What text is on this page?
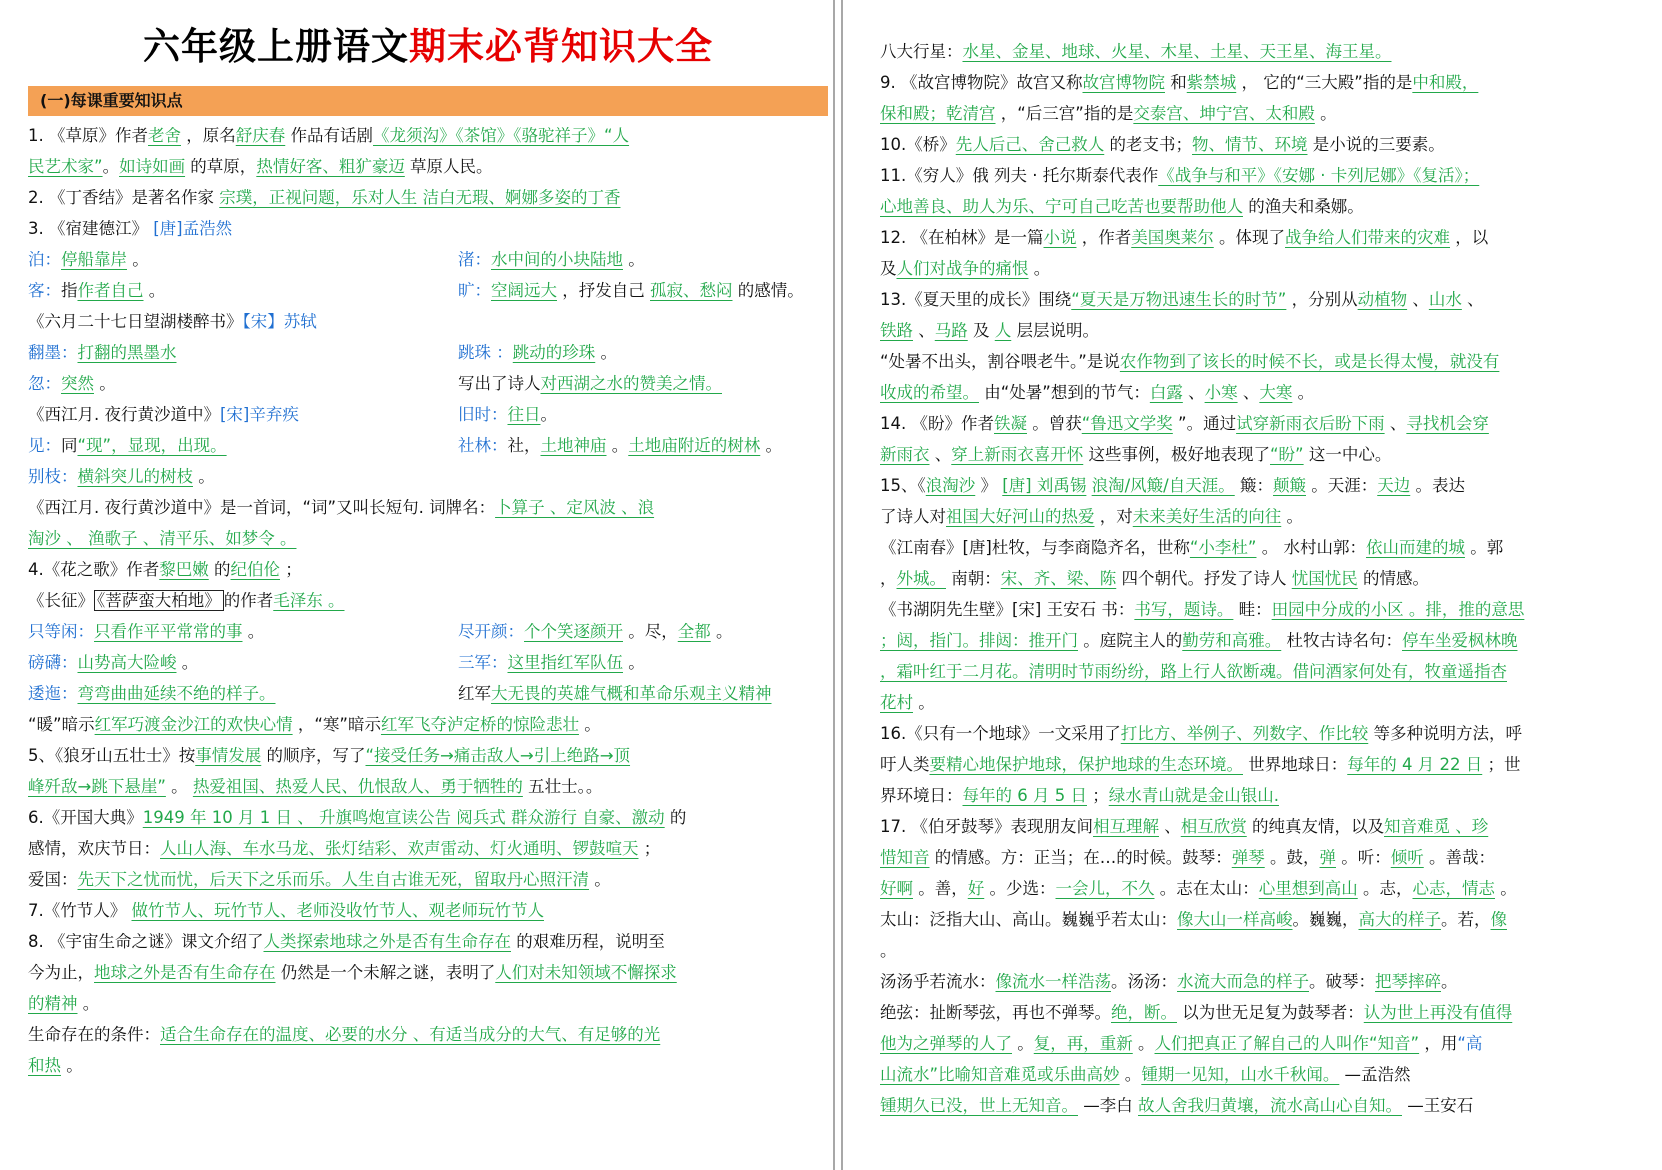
六年级上册语文期末必背知识大全
(一)每课重要知识点
1. 《草原》作者老舍 ，原名舒庆春 作品有话剧《龙须沟》《茶馆》《骆驼祥子》“人
民艺术家”。如诗如画 的草原，热情好客、粗犷豪迈 草原人民。
2. 《丁香结》是著名作家 宗璞，正视问题，乐对人生 洁白无瑕、婀娜多姿的丁香
3. 《宿建德江》 [唐]孟浩然
泊：停船靠岸 。	渚：水中间的小块陆地 。
客：指作者自己 。	旷：空阔远大 ，抒发自己 孤寂、愁闷 的感情。
《六月二十七日望湖楼醉书》【宋】苏轼
翻墨：打翻的黑墨水	跳珠 ：跳动的珍珠 。
忽：突然 。	写出了诗人对西湖之水的赞美之情。
《西江月. 夜行黄沙道中》[宋]辛弃疾	旧时：往日。
见：同“现”，显现，出现。	社林：社，土地神庙 。土地庙附近的树林 。
别枝：横斜突儿的树枝 。
《西江月. 夜行黄沙道中》是一首词，“词”又叫长短句. 词牌名：卜算子 、定风波 、浪
淘沙 、 渔歌子 、清平乐、如梦令 。
4.《花之歌》作者黎巴嫩 的纪伯伦 ；
《长征》 《菩萨蛮大柏地》 的作者毛泽东 。
只等闲：只看作平平常常的事 。	尽开颜：个个笑逐颜开 。尽，全都 。
磅礴：山势高大险峻 。	三军：这里指红军队伍 。
逶迤：弯弯曲曲延续不绝的样子。	红军大无畏的英雄气概和革命乐观主义精神
“暖”暗示红军巧渡金沙江的欢快心情 ，“寒”暗示红军飞夺泸定桥的惊险悲壮 。
5、《狼牙山五壮士》按事情发展 的顺序，写了“接受任务→痛击敌人→引上绝路→顶
峰歼敌→跳下悬崖” 。 热爱祖国、热爱人民、仇恨敌人、勇于牺牲的 五壮士。。
6.《开国大典》1949 年 10 月 1 日 、 升旗鸣炮宣读公告 阅兵式 群众游行 自豪、激动 的
感情，欢庆节日：人山人海、车水马龙、张灯结彩、欢声雷动、灯火通明、锣鼓喧天 ；
爱国：先天下之忧而忧，后天下之乐而乐。人生自古谁无死，留取丹心照汗清 。
7.《竹节人》 做竹节人、玩竹节人、老师没收竹节人、观老师玩竹节人
8. 《宇宙生命之谜》课文介绍了人类探索地球之外是否有生命存在 的艰难历程，说明至
今为止，地球之外是否有生命存在 仍然是一个未解之谜，表明了人们对未知领域不懈探求
的精神 。
生命存在的条件：适合生命存在的温度、必要的水分 、有适当成分的大气、有足够的光
和热 。
八大行星：水星、金星、地球、火星、木星、土星、天王星、海王星。
9. 《故宫博物院》故宫又称故宫博物院 和紫禁城 ， 它的“三大殿”指的是中和殿，
保和殿；乾清宫 ，“后三宫”指的是交泰宫、坤宁宫、太和殿 。
10.《桥》先人后己、舍己救人 的老支书；物、情节、环境 是小说的三要素。
11.《穷人》俄 列夫 · 托尔斯泰代表作《战争与和平》《安娜 · 卡列尼娜》《复活》；
心地善良、助人为乐、宁可自己吃苦也要帮助他人 的渔夫和桑娜。
12. 《在柏林》是一篇小说 ，作者美国奥莱尔 。体现了战争给人们带来的灾难 ，以
及人们对战争的痛恨 。
13.《夏天里的成长》围绕“夏天是万物迅速生长的时节” ，分别从动植物 、山水 、
铁路 、马路 及 人 层层说明。
“处暑不出头，割谷喂老牛。”是说农作物到了该长的时候不长，或是长得太慢，就没有
收成的希望。 由“处暑”想到的节气：白露 、小寒 、大寒 。
14. 《盼》作者铁凝 。曾获“鲁迅文学奖 ”。通过试穿新雨衣后盼下雨 、寻找机会穿
新雨衣 、穿上新雨衣喜开怀 这些事例，极好地表现了“盼” 这一中心。
15、《浪淘沙 》 [唐] 刘禹锡 浪淘/风簸/自天涯。 簸：颠簸 。天涯：天边 。表达
了诗人对祖国大好河山的热爱 ，对未来美好生活的向往 。
《江南春》[唐]杜牧，与李商隐齐名，世称“小李杜” 。 水村山郭：依山而建的城 。郭
，外城。 南朝：宋、齐、梁、陈 四个朝代。抒发了诗人 忧国忧民 的情感。
《书湖阴先生壁》[宋] 王安石 书：书写，题诗。 畦：田园中分成的小区 。排，推的意思
；闼，指门。排闼：推开门 。庭院主人的勤劳和高雅。 杜牧古诗名句：停车坐爱枫林晚
，霜叶红于二月花。清明时节雨纷纷，路上行人欲断魂。借问酒家何处有，牧童遥指杏
花村 。
16.《只有一个地球》一文采用了打比方、举例子、列数字、作比较 等多种说明方法，呼
吁人类要精心地保护地球，保护地球的生态环境。 世界地球日：每年的 4 月 22 日 ；世
界环境日：每年的 6 月 5 日 ；绿水青山就是金山银山.
17. 《伯牙鼓琴》表现朋友间相互理解 、相互欣赏 的纯真友情，以及知音难觅 、珍
惜知音 的情感。方：正当；在…的时候。鼓琴：弹琴 。鼓，弹 。听：倾听 。善哉：
好啊 。善，好 。少选：一会儿，不久 。志在太山：心里想到高山 。志，心志，情志 。
太山：泛指大山、高山。巍巍乎若太山：像大山一样高峻。巍巍，高大的样子。若，像
。
汤汤乎若流水：像流水一样浩荡。汤汤：水流大而急的样子。破琴：把琴摔碎。
绝弦：扯断琴弦，再也不弹琴。绝，断。 以为世无足复为鼓琴者：认为世上再没有值得
他为之弹琴的人了 。复，再，重新 。人们把真正了解自己的人叫作“知音” ，用“高
山流水”比喻知音难觅或乐曲高妙 。锺期一见知，山水千秋闻。 —孟浩然
锺期久已没，世上无知音。 —李白 故人舍我归黄壤，流水高山心自知。 —王安石
